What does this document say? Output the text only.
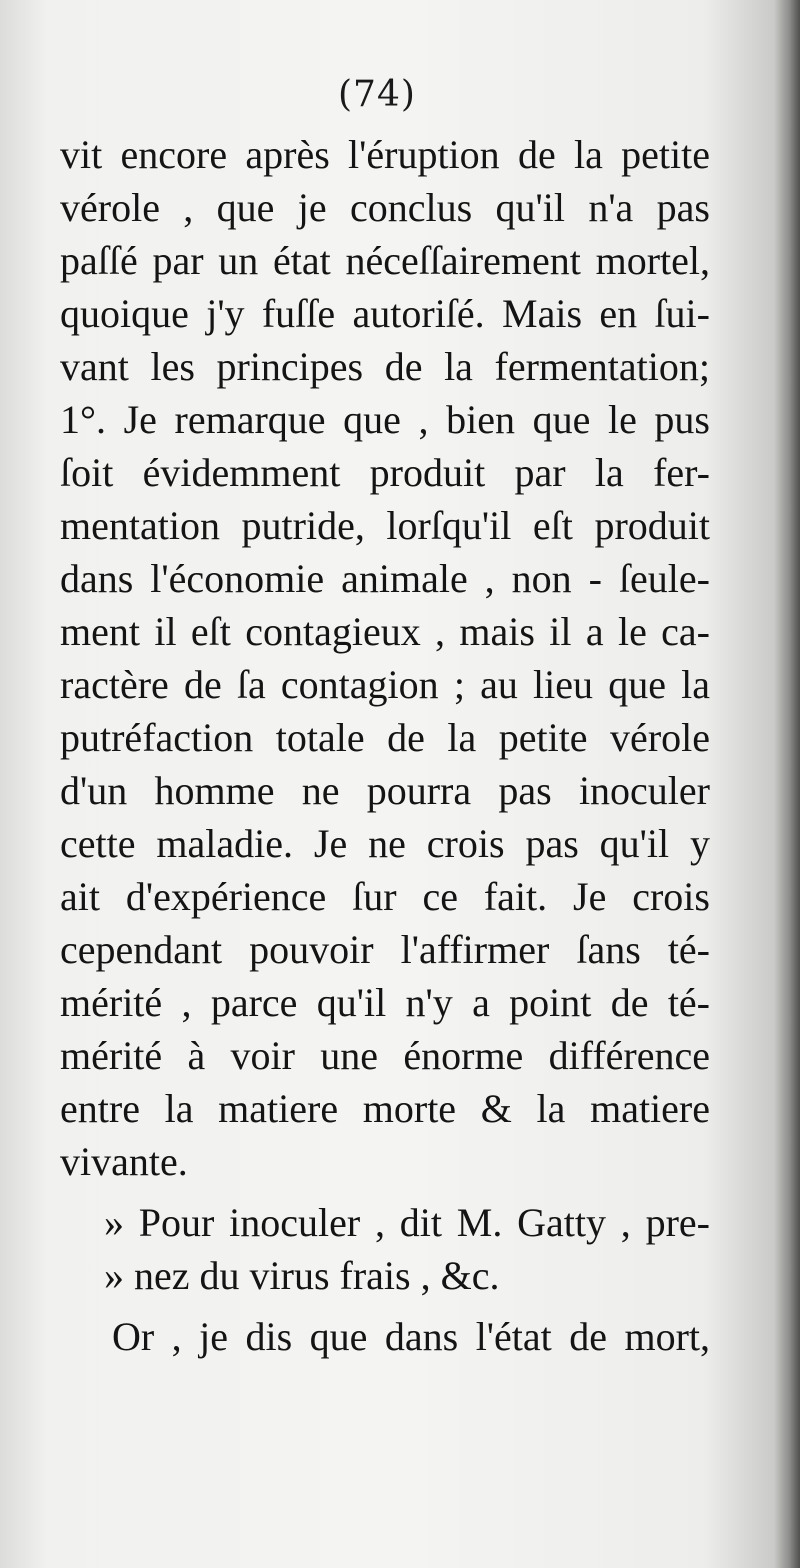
(74)
vit encore après l'éruption de la petite
vérole , que je conclus qu'il n'a pas
paſſé par un état néceſſairement mortel,
quoique j'y fuſſe autoriſé. Mais en ſui-
vant les principes de la fermentation;
1°. Je remarque que , bien que le pus
ſoit évidemment produit par la fer-
mentation putride, lorſqu'il eſt produit
dans l'économie animale , non - ſeule-
ment il eſt contagieux , mais il a le ca-
ractère de ſa contagion ; au lieu que la
putréfaction totale de la petite vérole
d'un homme ne pourra pas inoculer
cette maladie. Je ne crois pas qu'il y
ait d'expérience ſur ce fait. Je crois
cependant pouvoir l'affirmer ſans té-
mérité , parce qu'il n'y a point de té-
mérité à voir une énorme différence
entre la matiere morte & la matiere
vivante.
» Pour inoculer , dit M. Gatty , pre-
» nez du virus frais , &c.
Or , je dis que dans l'état de mort,
